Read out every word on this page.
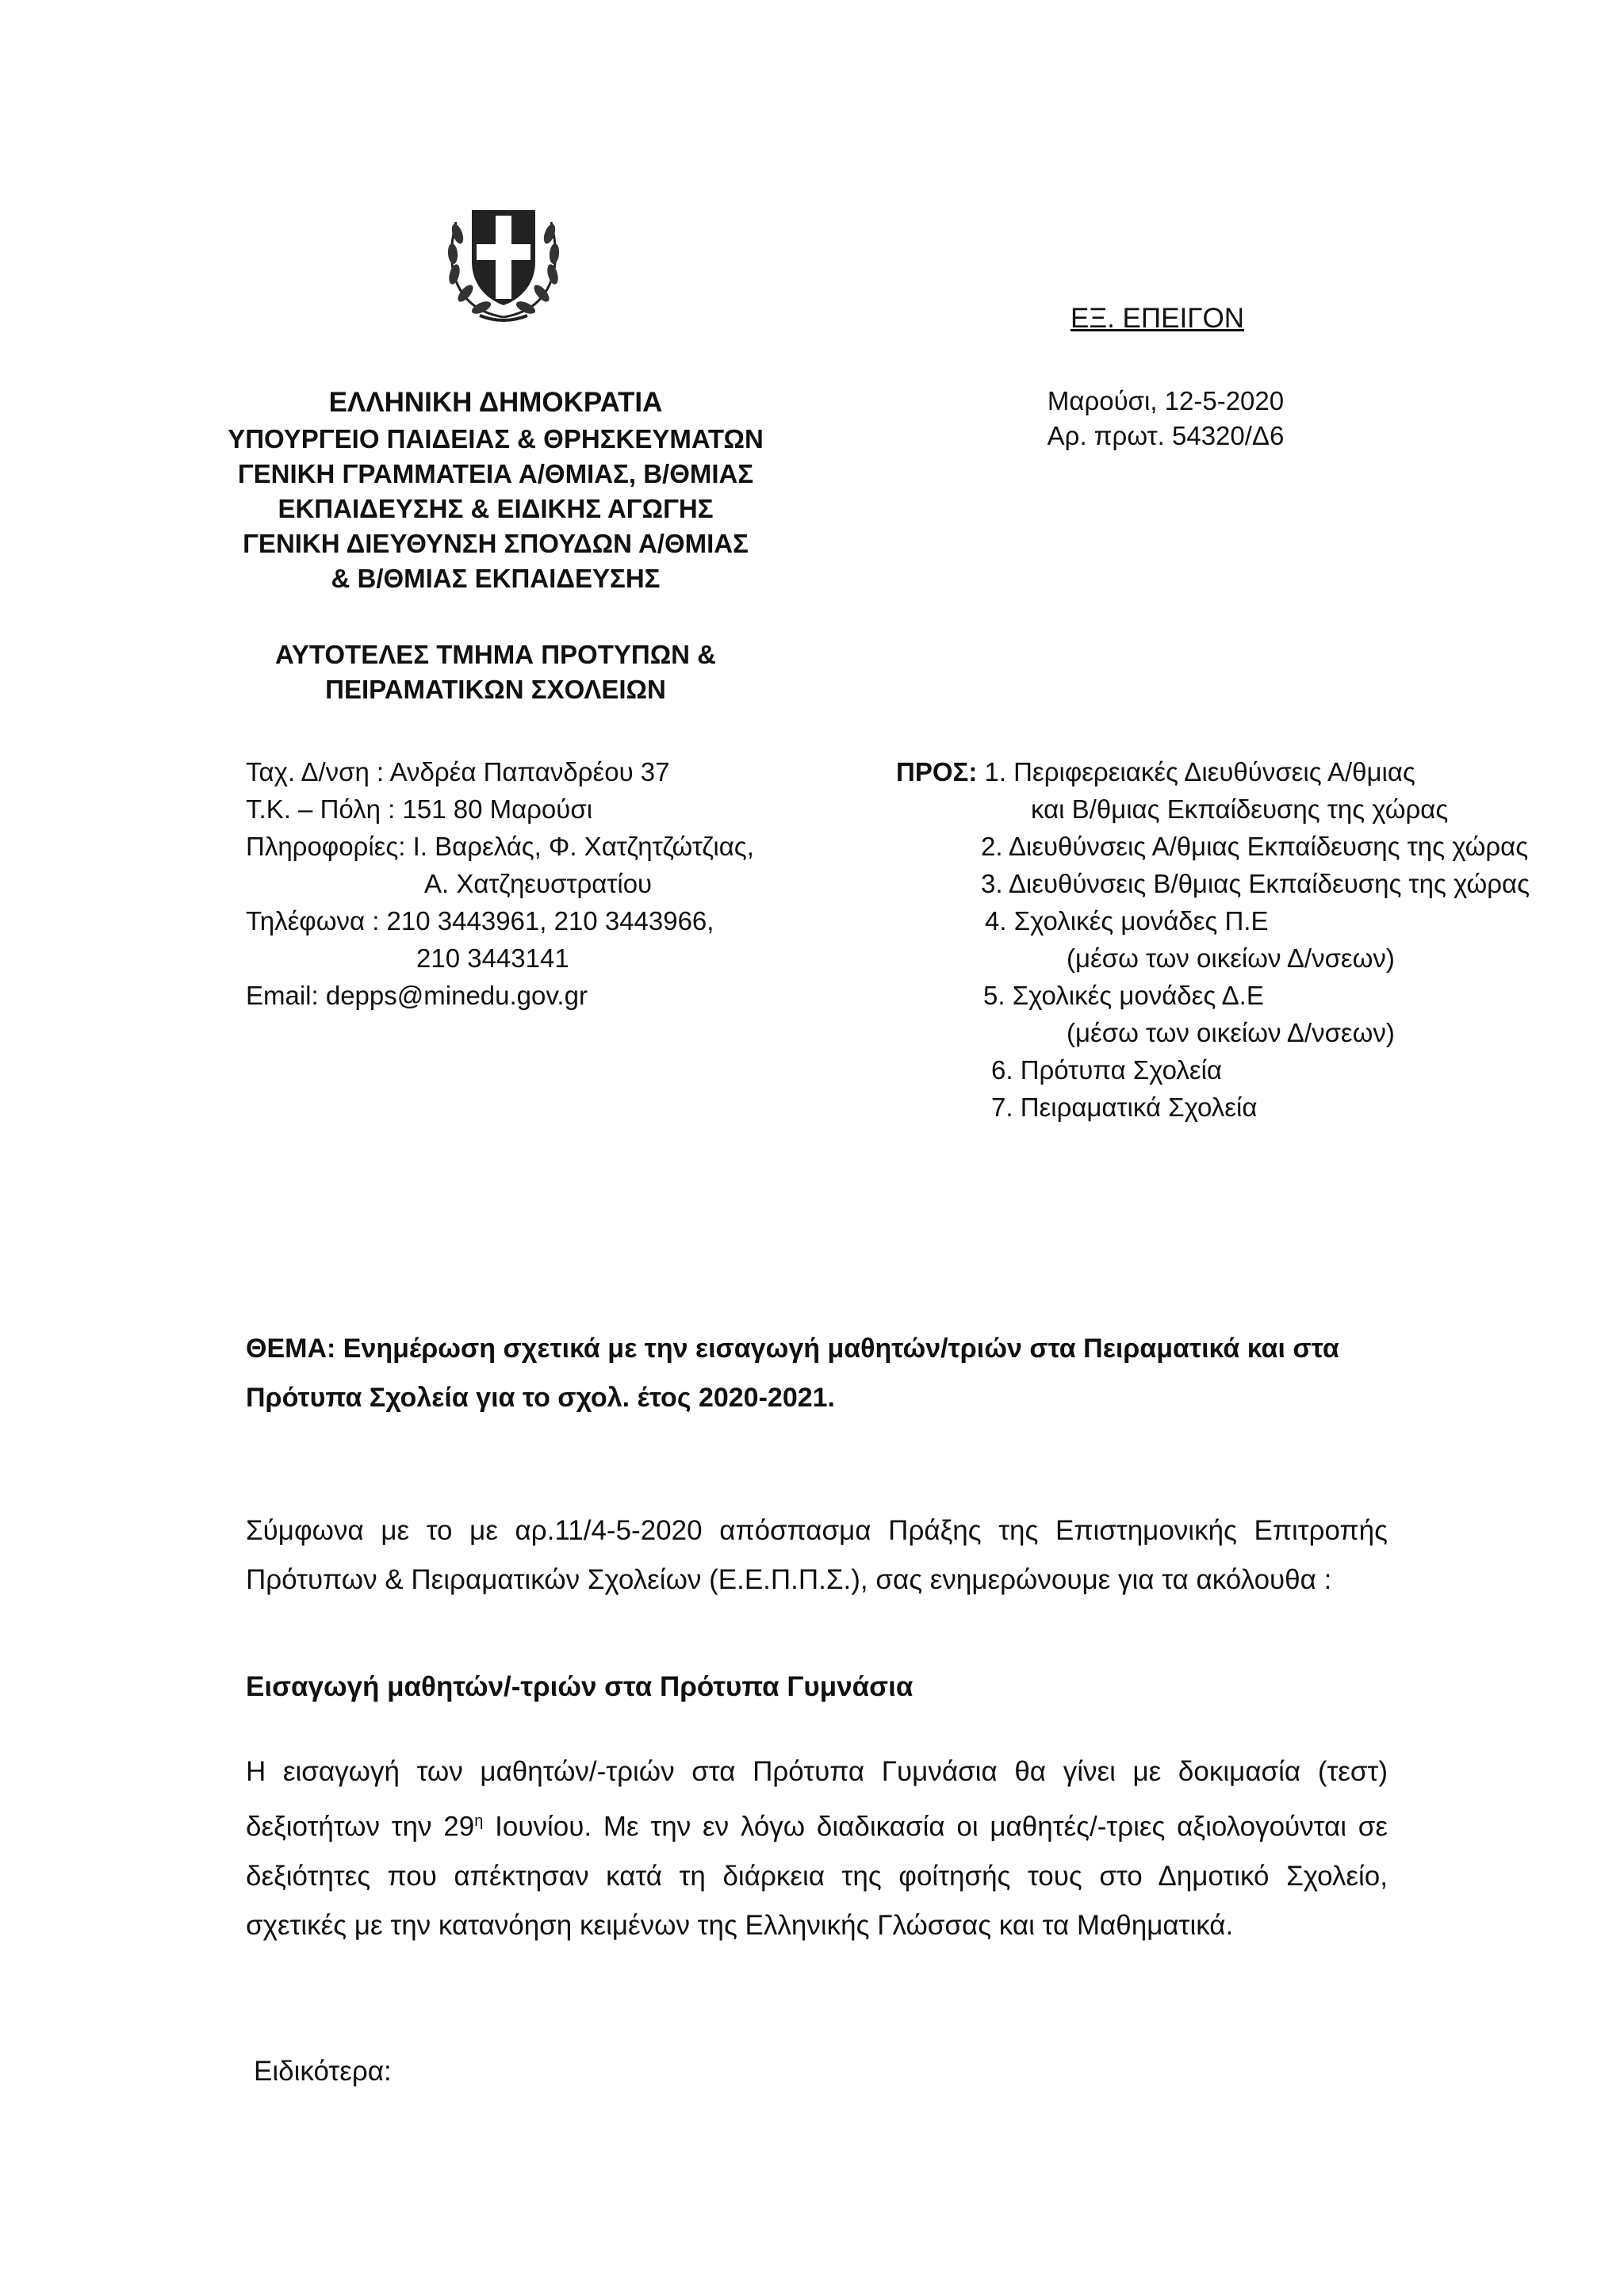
ΕΞ. ΕΠΕΙΓΟΝ
ΕΛΛΗΝΙΚΗ ΔΗΜΟΚΡΑΤΙΑ
ΥΠΟΥΡΓΕΙΟ ΠΑΙΔΕΙΑΣ & ΘΡΗΣΚΕΥΜΑΤΩΝ
ΓΕΝΙΚΗ ΓΡΑΜΜΑΤΕΙΑ Α/ΘΜΙΑΣ, Β/ΘΜΙΑΣ
ΕΚΠΑΙΔΕΥΣΗΣ & ΕΙΔΙΚΗΣ ΑΓΩΓΗΣ
ΓΕΝΙΚΗ ΔΙΕΥΘΥΝΣΗ ΣΠΟΥΔΩΝ Α/ΘΜΙΑΣ
& Β/ΘΜΙΑΣ ΕΚΠΑΙΔΕΥΣΗΣ
ΑΥΤΟΤΕΛΕΣ ΤΜΗΜΑ ΠΡΟΤΥΠΩΝ &
ΠΕΙΡΑΜΑΤΙΚΩΝ ΣΧΟΛΕΙΩΝ
Μαρούσι, 12-5-2020
Αρ. πρωτ. 54320/Δ6
Ταχ. Δ/νση : Ανδρέα Παπανδρέου 37
Τ.Κ. – Πόλη : 151 80 Μαρούσι
Πληροφορίες: Ι. Βαρελάς, Φ. Χατζητζώτζιας,
Α. Χατζηευστρατίου
Τηλέφωνα : 210 3443961, 210 3443966,
210 3443141
Email: depps@minedu.gov.gr
ΠΡΟΣ: 1. Περιφερειακές Διευθύνσεις Α/θμιας
και Β/θμιας Εκπαίδευσης της χώρας
2. Διευθύνσεις Α/θμιας Εκπαίδευσης της χώρας
3. Διευθύνσεις Β/θμιας Εκπαίδευσης της χώρας
4. Σχολικές μονάδες Π.Ε
(μέσω των οικείων Δ/νσεων)
5. Σχολικές μονάδες Δ.Ε
(μέσω των οικείων Δ/νσεων)
6. Πρότυπα Σχολεία
7. Πειραματικά Σχολεία
ΘΕΜΑ: Ενημέρωση σχετικά με την εισαγωγή μαθητών/τριών στα Πειραματικά και στα Πρότυπα Σχολεία για το σχολ. έτος 2020-2021.
Σύμφωνα με το με αρ.11/4-5-2020 απόσπασμα Πράξης της Επιστημονικής Επιτροπής Πρότυπων & Πειραματικών Σχολείων (Ε.Ε.Π.Π.Σ.), σας ενημερώνουμε για τα ακόλουθα :
Εισαγωγή μαθητών/-τριών στα Πρότυπα Γυμνάσια
Η εισαγωγή των μαθητών/-τριών στα Πρότυπα Γυμνάσια θα γίνει με δοκιμασία (τεστ) δεξιοτήτων την $29^\eta$ Ιουνίου. Με την εν λόγω διαδικασία οι μαθητές/-τριες αξιολογούνται σε δεξιότητες που απέκτησαν κατά τη διάρκεια της φοίτησής τους στο Δημοτικό Σχολείο, σχετικές με την κατανόηση κειμένων της Ελληνικής Γλώσσας και τα Μαθηματικά.
Ειδικότερα:
